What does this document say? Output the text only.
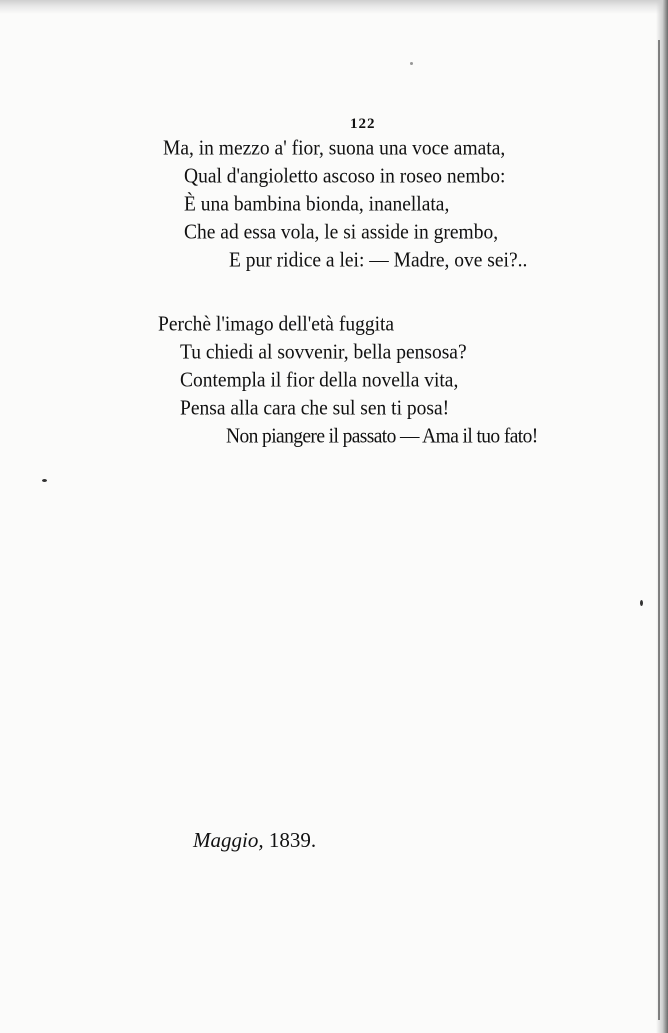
122
Ma, in mezzo a' fior, suona una voce amata,
Qual d'angioletto ascoso in roseo nembo:
È una bambina bionda, inanellata,
Che ad essa vola, le si asside in grembo,
E pur ridice a lei: — Madre, ove sei?..
Perchè l'imago dell'età fuggita
Tu chiedi al sovvenir, bella pensosa?
Contempla il fior della novella vita,
Pensa alla cara che sul sen ti posa!
Non piangere il passato — Ama il tuo fato!
Maggio, 1839.
